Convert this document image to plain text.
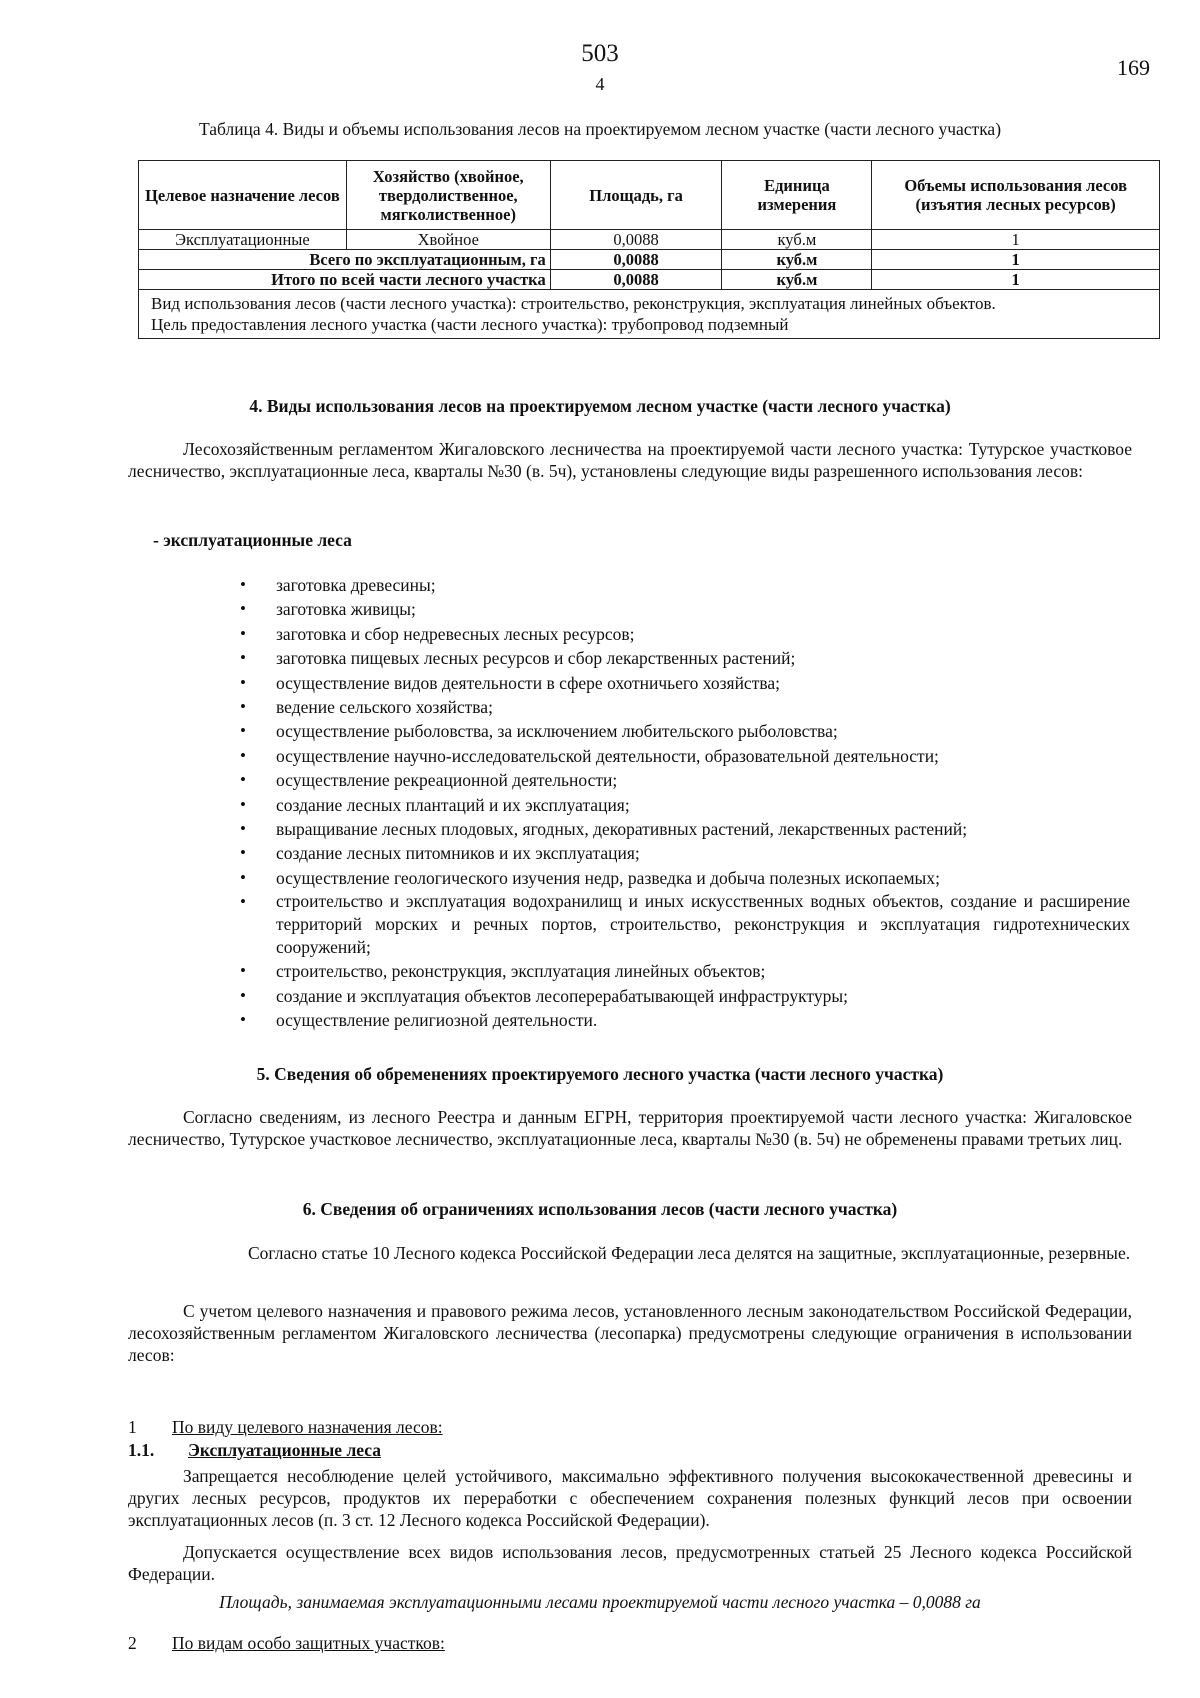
503
4
169
Таблица 4. Виды и объемы использования лесов на проектируемом лесном участке (части лесного участка)
Целевое назначение лесов	Хозяйство (хвойное, твердолиственное, мягколиственное)	Площадь, га	Единица измерения	Объемы использования лесов (изъятия лесных ресурсов)
Эксплуатационные	Хвойное	0,0088	куб.м	1
Всего по эксплуатационным, га		0,0088	куб.м	1
Итого по всей части лесного участка		0,0088	куб.м	1

Вид использования лесов (части лесного участка): строительство, реконструкция, эксплуатация линейных объектов.
Цель предоставления лесного участка (части лесного участка): трубопровод подземный				
4. Виды использования лесов на проектируемом лесном участке (части лесного участка)
Лесохозяйственным регламентом Жигаловского лесничества на проектируемой части лесного участка: Тутурское участковое лесничество, эксплуатационные леса, кварталы №30 (в. 5ч), установлены следующие виды разрешенного использования лесов:
- эксплуатационные леса
• заготовка древесины;
• заготовка живицы;
• заготовка и сбор недревесных лесных ресурсов;
• заготовка пищевых лесных ресурсов и сбор лекарственных растений;
• осуществление видов деятельности в сфере охотничьего хозяйства;
• ведение сельского хозяйства;
• осуществление рыболовства, за исключением любительского рыболовства;
• осуществление научно-исследовательской деятельности, образовательной деятельности;
• осуществление рекреационной деятельности;
• создание лесных плантаций и их эксплуатация;
• выращивание лесных плодовых, ягодных, декоративных растений, лекарственных растений;
• создание лесных питомников и их эксплуатация;
• осуществление геологического изучения недр, разведка и добыча полезных ископаемых;
• строительство и эксплуатация водохранилищ и иных искусственных водных объектов, создание и расширение территорий морских и речных портов, строительство, реконструкция и эксплуатация гидротехнических сооружений;
• строительство, реконструкция, эксплуатация линейных объектов;
• создание и эксплуатация объектов лесоперерабатывающей инфраструктуры;
• осуществление религиозной деятельности.
5. Сведения об обременениях проектируемого лесного участка (части лесного участка)
Согласно сведениям, из лесного Реестра и данным ЕГРН, территория проектируемой части лесного участка: Жигаловское лесничество, Тутурское участковое лесничество, эксплуатационные леса, кварталы №30 (в. 5ч) не обременены правами третьих лиц.
6. Сведения об ограничениях использования лесов (части лесного участка)
Согласно статье 10 Лесного кодекса Российской Федерации леса делятся на защитные, эксплуатационные, резервные.
С учетом целевого назначения и правового режима лесов, установленного лесным законодательством Российской Федерации, лесохозяйственным регламентом Жигаловского лесничества (лесопарка) предусмотрены следующие ограничения в использовании лесов:
1 По виду целевого назначения лесов:
1.1. Эксплуатационные леса
Запрещается несоблюдение целей устойчивого, максимально эффективного получения высококачественной древесины и других лесных ресурсов, продуктов их переработки с обеспечением сохранения полезных функций лесов при освоении эксплуатационных лесов (п. 3 ст. 12 Лесного кодекса Российской Федерации).
Допускается осуществление всех видов использования лесов, предусмотренных статьей 25 Лесного кодекса Российской Федерации.
Площадь, занимаемая эксплуатационными лесами проектируемой части лесного участка – 0,0088 га
2 По видам особо защитных участков:
